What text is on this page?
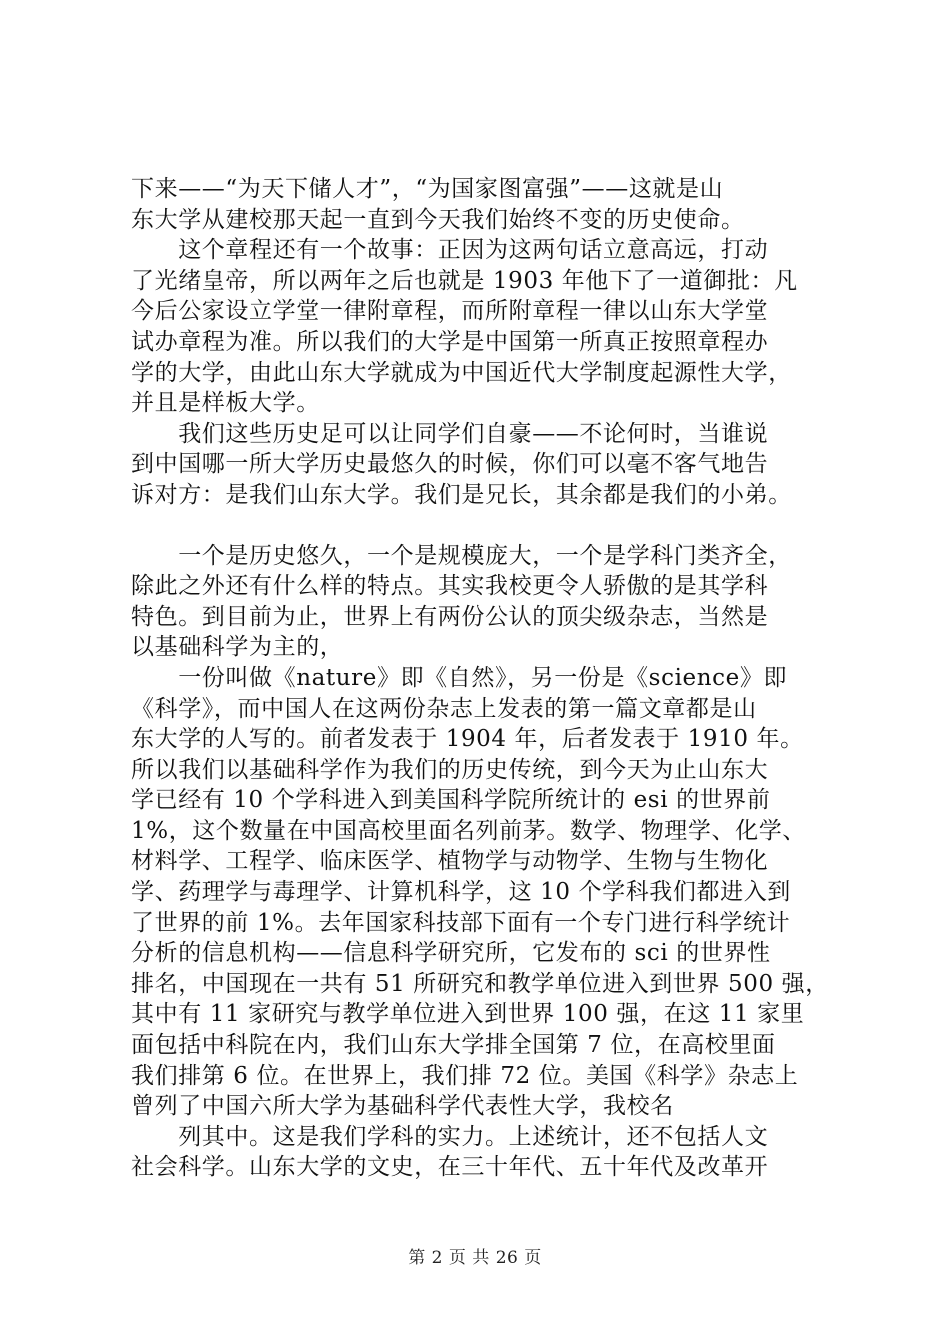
下来——“为天下储人才”，“为国家图富强”——这就是山
东大学从建校那天起一直到今天我们始终不变的历史使命。
　　这个章程还有一个故事：正因为这两句话立意高远，打动
了光绪皇帝，所以两年之后也就是 1903 年他下了一道御批：凡
今后公家设立学堂一律附章程，而所附章程一律以山东大学堂
试办章程为准。所以我们的大学是中国第一所真正按照章程办
学的大学，由此山东大学就成为中国近代大学制度起源性大学，
并且是样板大学。
　　我们这些历史足可以让同学们自豪——不论何时，当谁说
到中国哪一所大学历史最悠久的时候，你们可以毫不客气地告
诉对方：是我们山东大学。我们是兄长，其余都是我们的小弟。
　　一个是历史悠久，一个是规模庞大，一个是学科门类齐全，
除此之外还有什么样的特点。其实我校更令人骄傲的是其学科
特色。到目前为止，世界上有两份公认的顶尖级杂志，当然是
以基础科学为主的，
　　一份叫做《nature》即《自然》，另一份是《science》即
《科学》，而中国人在这两份杂志上发表的第一篇文章都是山
东大学的人写的。前者发表于 1904 年，后者发表于 1910 年。
所以我们以基础科学作为我们的历史传统，到今天为止山东大
学已经有 10 个学科进入到美国科学院所统计的 esi 的世界前
1%，这个数量在中国高校里面名列前茅。数学、物理学、化学、
材料学、工程学、临床医学、植物学与动物学、生物与生物化
学、药理学与毒理学、计算机科学，这 10 个学科我们都进入到
了世界的前 1%。去年国家科技部下面有一个专门进行科学统计
分析的信息机构——信息科学研究所，它发布的 sci 的世界性
排名，中国现在一共有 51 所研究和教学单位进入到世界 500 强，
其中有 11 家研究与教学单位进入到世界 100 强，在这 11 家里
面包括中科院在内，我们山东大学排全国第 7 位，在高校里面
我们排第 6 位。在世界上，我们排 72 位。美国《科学》杂志上
曾列了中国六所大学为基础科学代表性大学，我校名
　　列其中。这是我们学科的实力。上述统计，还不包括人文
社会科学。山东大学的文史，在三十年代、五十年代及改革开
第 2 页 共 26 页
